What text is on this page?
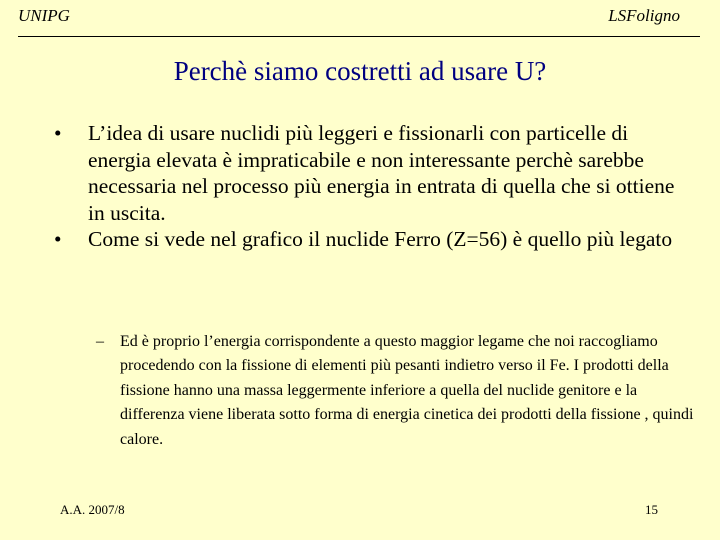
UNIPG	LSFoligno
Perchè siamo costretti ad usare U?
• L’idea di usare nuclidi più leggeri e fissionarli con particelle di energia elevata è impraticabile e non interessante perchè sarebbe necessaria nel processo più energia in entrata di quella che si ottiene in uscita.
• Come si vede nel grafico il nuclide Ferro (Z=56) è quello più legato
– Ed è proprio l’energia corrispondente a questo maggior legame che noi raccogliamo procedendo con la fissione di elementi più pesanti indietro verso il Fe. I prodotti della fissione hanno una massa leggermente inferiore a quella del nuclide genitore e la differenza viene liberata sotto forma di energia cinetica dei prodotti della fissione , quindi calore.
A.A. 2007/8	15
